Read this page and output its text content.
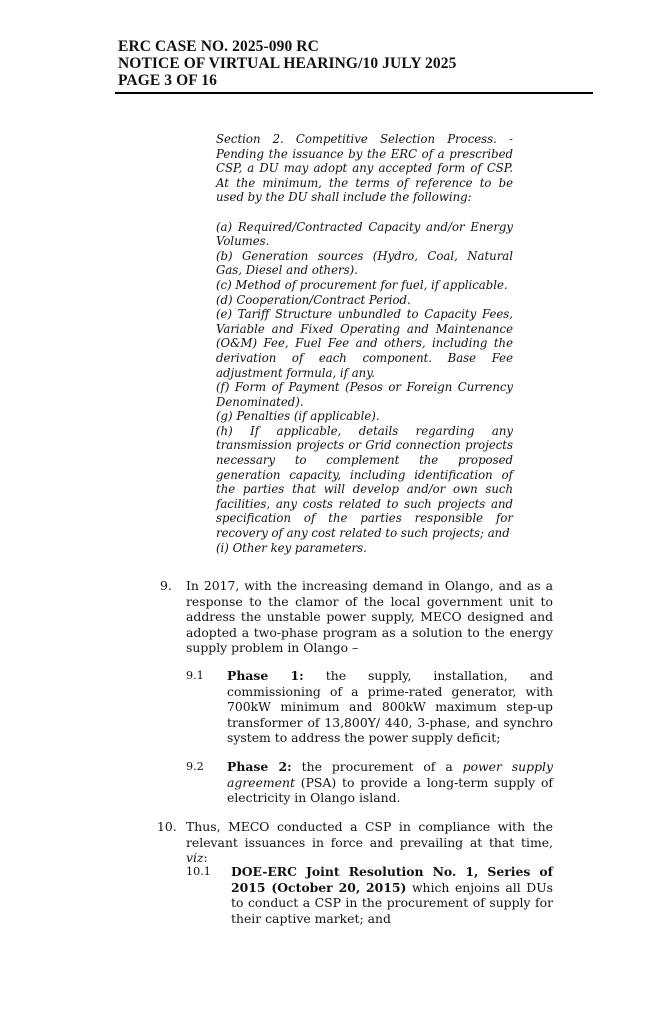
ERC CASE NO. 2025-090 RC
NOTICE OF VIRTUAL HEARING/10 JULY 2025
PAGE 3 OF 16

Section 2. Competitive Selection Process. - Pending the issuance by the ERC of a prescribed CSP, a DU may adopt any accepted form of CSP. At the minimum, the terms of reference to be used by the DU shall include the following:

(a) Required/Contracted Capacity and/or Energy Volumes.

(b) Generation sources (Hydro, Coal, Natural Gas, Diesel and others).

(c) Method of procurement for fuel, if applicable.

(d) Cooperation/Contract Period.

(e) Tariff Structure unbundled to Capacity Fees, Variable and Fixed Operating and Maintenance (O&M) Fee, Fuel Fee and others, including the derivation of each component. Base Fee adjustment formula, if any.

(f) Form of Payment (Pesos or Foreign Currency Denominated).

(g) Penalties (if applicable).

(h) If applicable, details regarding any transmission projects or Grid connection projects necessary to complement the proposed generation capacity, including identification of the parties that will develop and/or own such facilities, any costs related to such projects and specification of the parties responsible for recovery of any cost related to such projects; and

(i) Other key parameters.

9. In 2017, with the increasing demand in Olango, and as a response to the clamor of the local government unit to address the unstable power supply, MECO designed and adopted a two-phase program as a solution to the energy supply problem in Olango –
9.1 Phase 1: the supply, installation, and commissioning of a prime-rated generator, with 700kW minimum and 800kW maximum step-up transformer of 13,800Y/ 440, 3-phase, and synchro system to address the power supply deficit;
9.2 Phase 2: the procurement of a power supply agreement (PSA) to provide a long-term supply of electricity in Olango island.
10. Thus, MECO conducted a CSP in compliance with the relevant issuances in force and prevailing at that time, viz:
10.1 DOE-ERC Joint Resolution No. 1, Series of 2015 (October 20, 2015) which enjoins all DUs to conduct a CSP in the procurement of supply for their captive market; and
